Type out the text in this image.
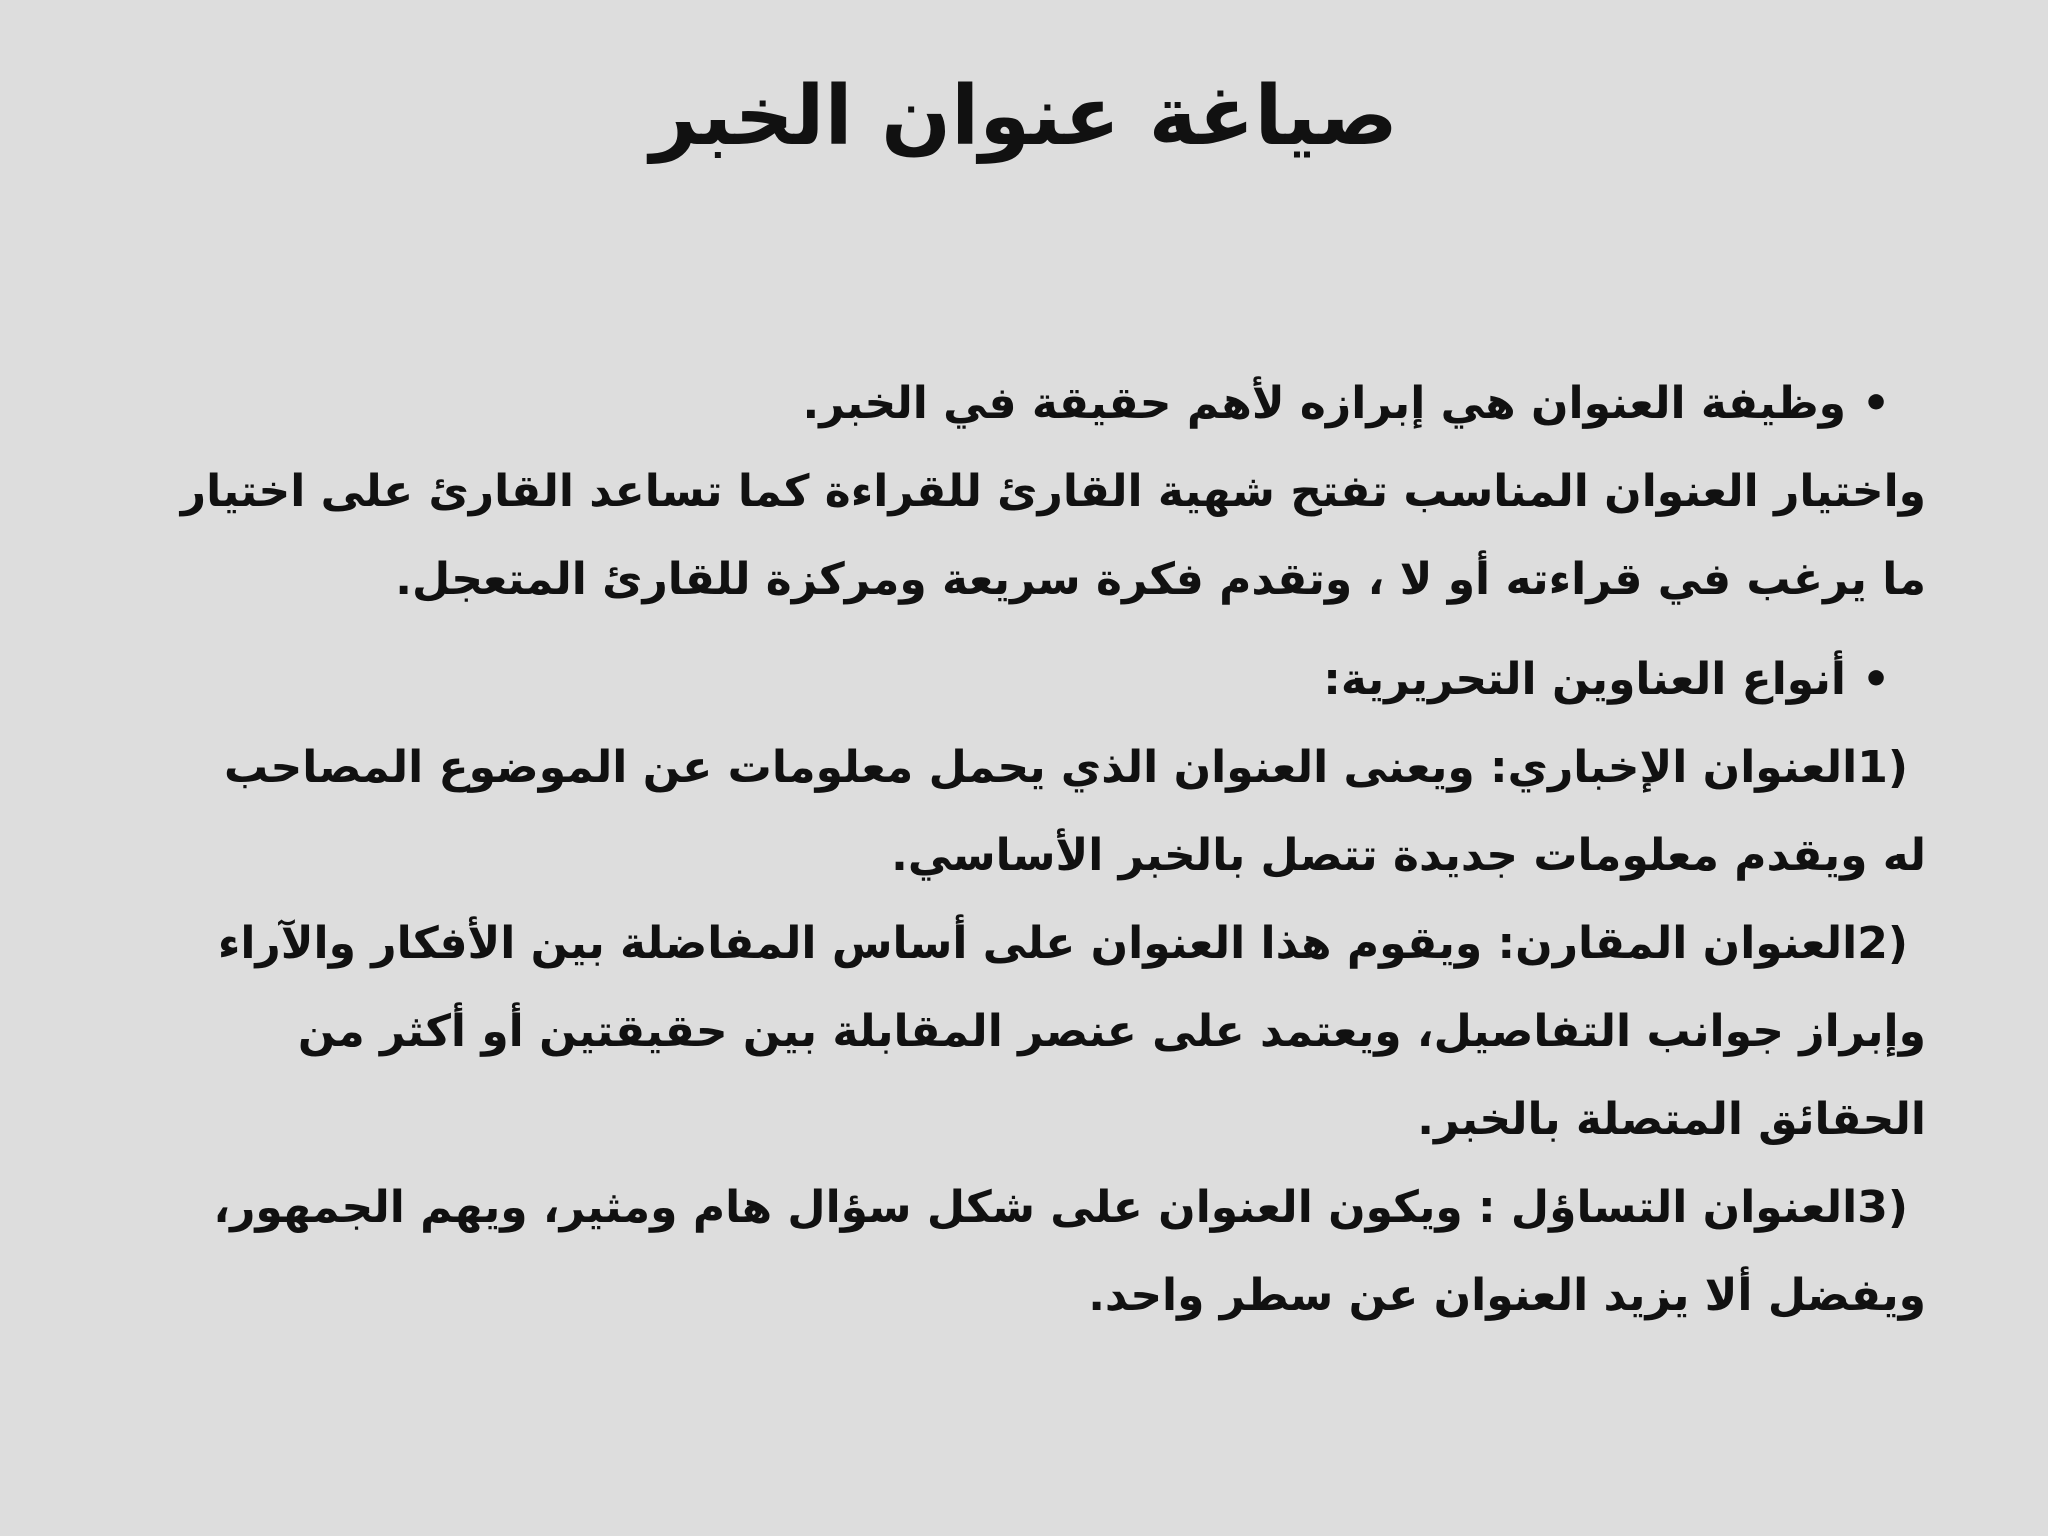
صياغة عنوان الخبر
•وظيفة العنوان هي إبرازه لأهم حقيقة في الخبر.
واختيار العنوان المناسب تفتح شهية القارئ للقراءة كما تساعد القارئ على اختيار
ما يرغب في قراءته أو لا ، وتقدم فكرة سريعة ومركزة للقارئ المتعجل.
•أنواع العناوين التحريرية:
(1العنوان الإخباري: ويعنى العنوان الذي يحمل معلومات عن الموضوع المصاحب
له ويقدم معلومات جديدة تتصل بالخبر الأساسي.
(2العنوان المقارن: ويقوم هذا العنوان على أساس المفاضلة بين الأفكار والآراء
وإبراز جوانب التفاصيل، ويعتمد على عنصر المقابلة بين حقيقتين أو أكثر من
الحقائق المتصلة بالخبر.
(3العنوان التساؤل : ويكون العنوان على شكل سؤال هام ومثير، ويهم الجمهور،
ويفضل ألا يزيد العنوان عن سطر واحد.
